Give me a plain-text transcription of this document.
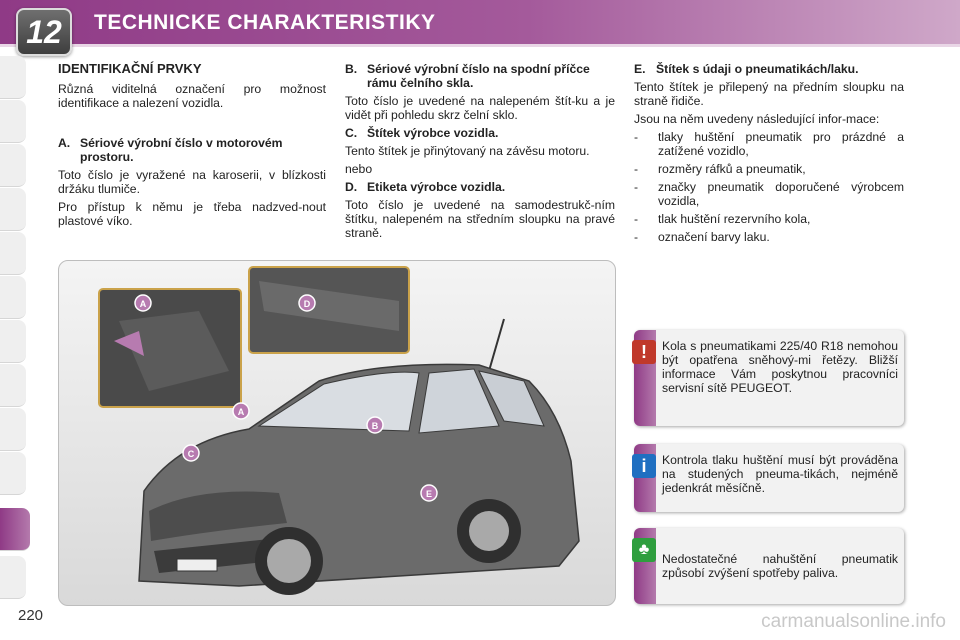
12	TECHNICKE CHARAKTERISTIKY
IDENTIFIKAČNÍ PRVKY

Různá viditelná označení pro možnost identifikace a nalezení vozidla.

A. Sériové výrobní číslo v motorovém prostoru.

Toto číslo je vyražené na karoserii, v blízkosti držáku tlumiče.

Pro přístup k němu je třeba nadzved-nout plastové víko.

B. Sériové výrobní číslo na spodní příčce rámu čelního skla.

Toto číslo je uvedené na nalepeném štít-ku a je vidět při pohledu skrz čelní sklo.

C. Štítek výrobce vozidla.

Tento štítek je přinýtovaný na závěsu motoru.

nebo

D. Etiketa výrobce vozidla.

Toto číslo je uvedené na samodestrukč-ním štítku, nalepeném na středním sloupku na pravé straně.

E. Štítek s údaji o pneumatikách/laku.

Tento štítek je přilepený na předním sloupku na straně řidiče.

Jsou na něm uvedeny následující infor-mace:

-	tlaky huštění pneumatik pro prázdné a zatížené vozidlo,
-	rozměry ráfků a pneumatik,
-	značky pneumatik doporučené výrobcem vozidla,
-	tlak huštění rezervního kola,
-	označení barvy laku.
A	D
A
B
C
E
!	Kola s pneumatikami 225/40 R18 nemohou být opatřena sněhový-mi řetězy. Bližší informace Vám poskytnou pracovníci servisní sítě PEUGEOT.
i	Kontrola tlaku huštění musí být prováděna na studených pneuma-tikách, nejméně jedenkrát měsíčně.
♣
Nedostatečné nahuštění pneumatik způsobí zvýšení spotřeby paliva.
220	carmanualsonline.info
